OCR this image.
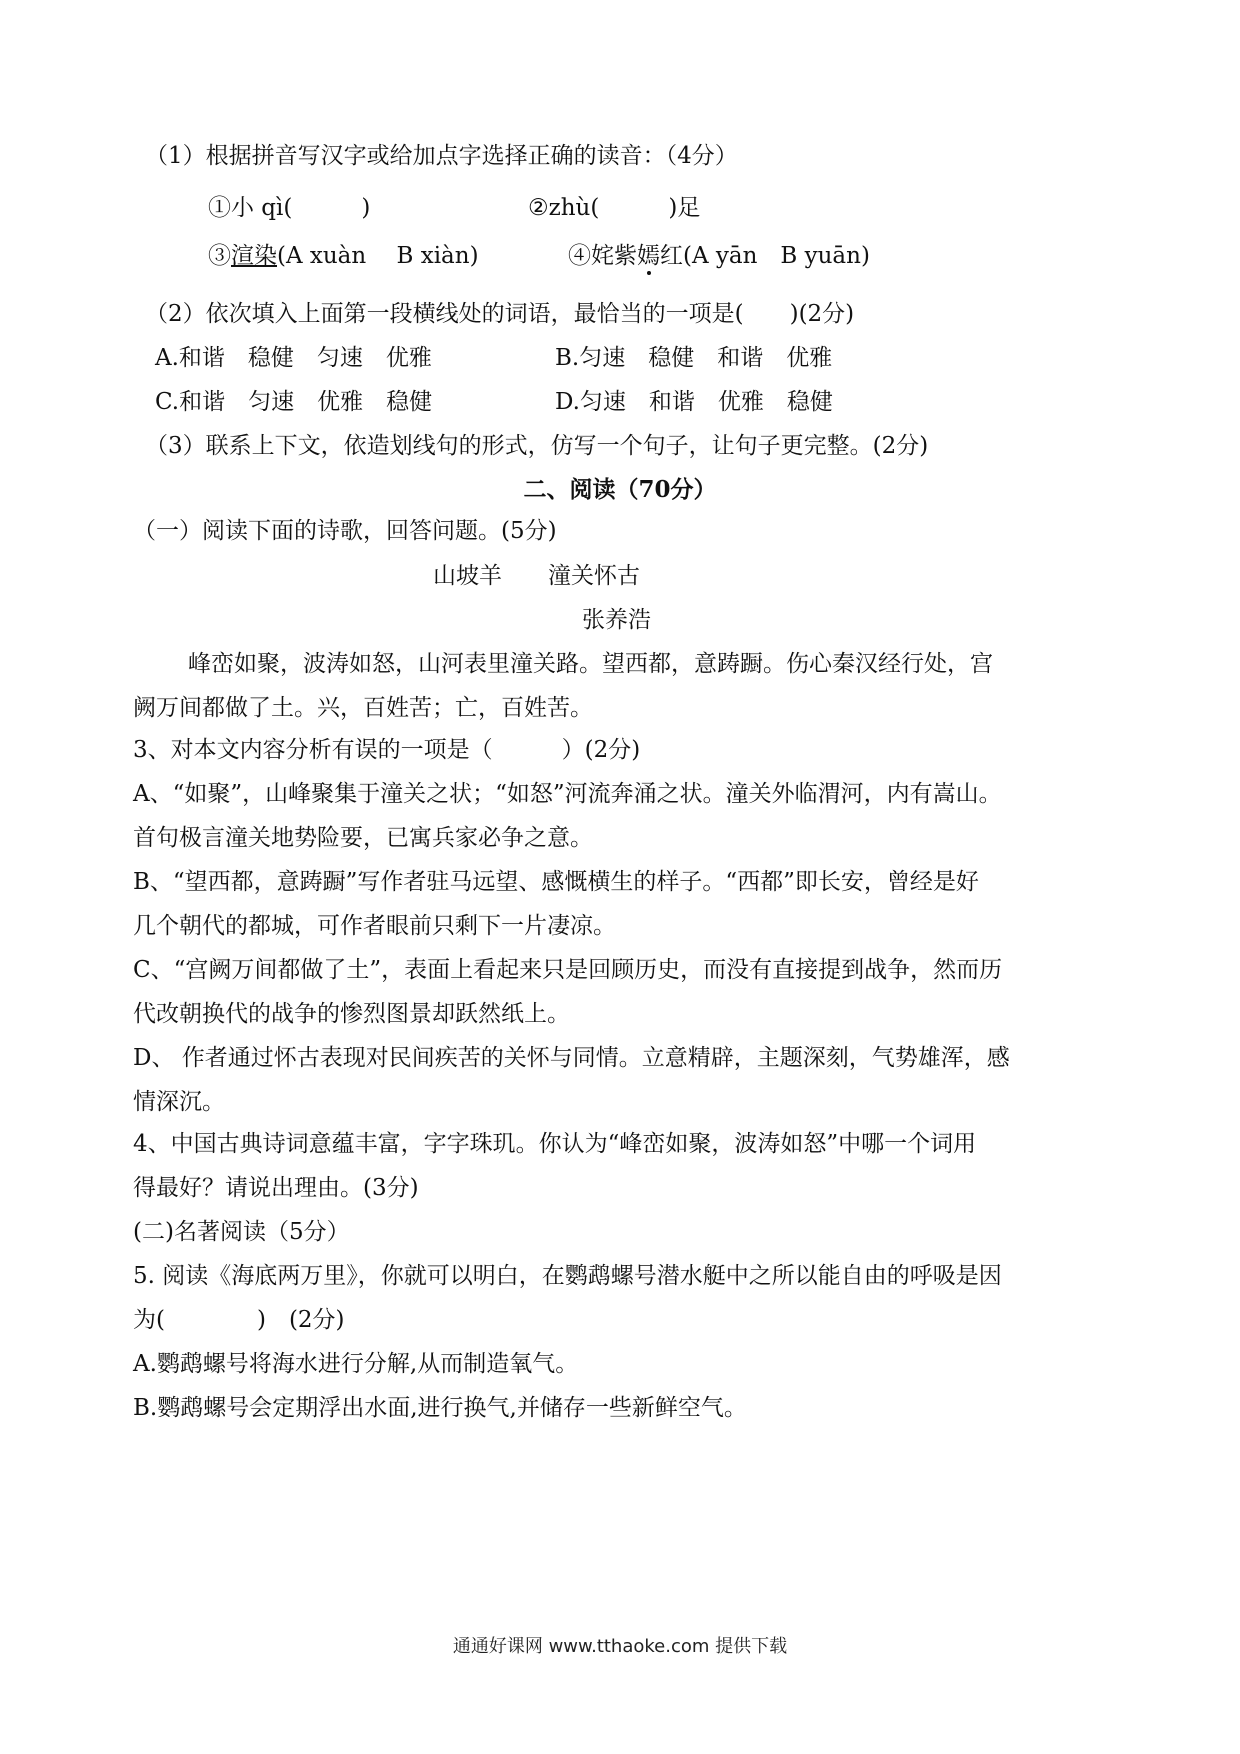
（1）根据拼音写汉字或给加点字选择正确的读音：（4分）
①小 qì(　　　)	②zhù(　　　)足
③渲染(A xuàn　 B xiàn)	④姹紫嫣红(A yān　B yuān)
（2）依次填入上面第一段横线处的词语，最恰当的一项是(　　)(2分)
A.和谐　稳健　匀速　优雅	B.匀速　稳健　和谐　优雅
C.和谐　匀速　优雅　稳健	D.匀速　和谐　优雅　稳健
（3）联系上下文，依造划线句的形式，仿写一个句子，让句子更完整。(2分)
二、阅读（70分）
（一）阅读下面的诗歌，回答问题。(5分)
山坡羊　　潼关怀古
张养浩
峰峦如聚，波涛如怒，山河表里潼关路。望西都，意踌蹰。伤心秦汉经行处，宫
阙万间都做了土。兴，百姓苦；亡，百姓苦。
3、对本文内容分析有误的一项是（　　　）(2分)
A、“如聚”，山峰聚集于潼关之状；“如怒”河流奔涌之状。潼关外临渭河，内有嵩山。
首句极言潼关地势险要，已寓兵家必争之意。
B、“望西都，意踌蹰”写作者驻马远望、感慨横生的样子。“西都”即长安，曾经是好
几个朝代的都城，可作者眼前只剩下一片凄凉。
C、“宫阙万间都做了土”，表面上看起来只是回顾历史，而没有直接提到战争，然而历
代改朝换代的战争的惨烈图景却跃然纸上。
D、 作者通过怀古表现对民间疾苦的关怀与同情。立意精辟，主题深刻，气势雄浑，感
情深沉。
4、中国古典诗词意蕴丰富，字字珠玑。你认为“峰峦如聚，波涛如怒”中哪一个词用
得最好？请说出理由。(3分)
(二)名著阅读（5分）
5. 阅读《海底两万里》，你就可以明白，在鹦鹉螺号潜水艇中之所以能自由的呼吸是因
为(　　　　)　(2分)
A.鹦鹉螺号将海水进行分解,从而制造氧气。
B.鹦鹉螺号会定期浮出水面,进行换气,并储存一些新鲜空气。
通通好课网 www.tthaoke.com 提供下载
